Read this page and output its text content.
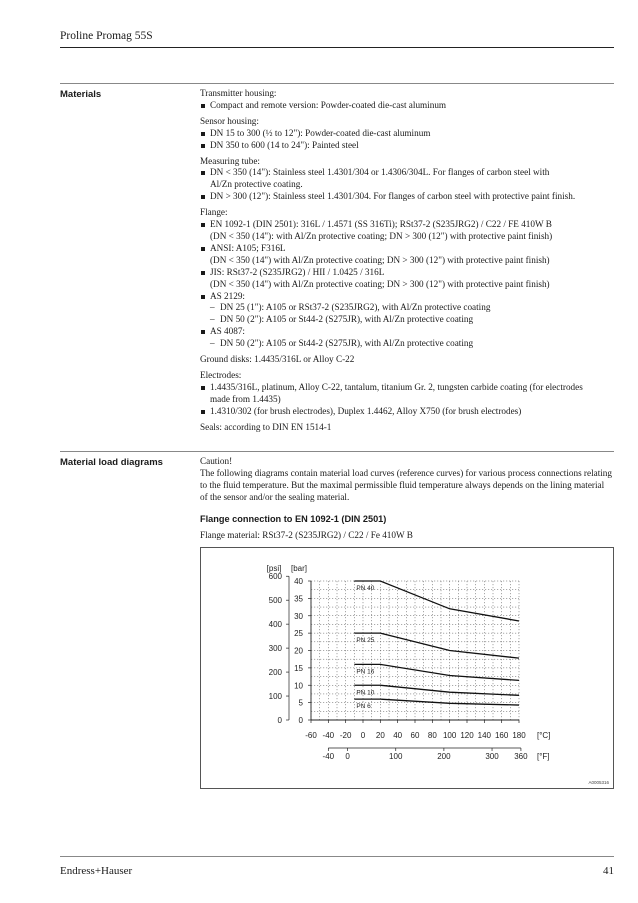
Proline Promag 55S
Materials	Transmitter housing:
Compact and remote version: Powder-coated die-cast aluminum
Sensor housing:
DN 15 to 300 (½ to 12"): Powder-coated die-cast aluminum
DN 350 to 600 (14 to 24"): Painted steel
Measuring tube:
DN < 350 (14"): Stainless steel 1.4301/304 or 1.4306/304L. For flanges of carbon steel with
Al/Zn protective coating.
DN > 300 (12"): Stainless steel 1.4301/304. For flanges of carbon steel with protective paint finish.
Flange:
EN 1092-1 (DIN 2501): 316L / 1.4571 (SS 316Ti); RSt37-2 (S235JRG2) / C22 / FE 410W B
(DN < 350 (14"): with Al/Zn protective coating; DN > 300 (12") with protective paint finish)
ANSI: A105; F316L
(DN < 350 (14") with Al/Zn protective coating; DN > 300 (12") with protective paint finish)
JIS: RSt37-2 (S235JRG2) / HII / 1.0425 / 316L
(DN < 350 (14") with Al/Zn protective coating; DN > 300 (12") with protective paint finish)
AS 2129:
– DN 25 (1"): A105 or RSt37-2 (S235JRG2), with Al/Zn protective coating
– DN 50 (2"): A105 or St44-2 (S275JR), with Al/Zn protective coating
AS 4087:
– DN 50 (2"): A105 or St44-2 (S275JR), with Al/Zn protective coating
Ground disks: 1.4435/316L or Alloy C-22
Electrodes:
1.4435/316L, platinum, Alloy C-22, tantalum, titanium Gr. 2, tungsten carbide coating (for electrodes
made from 1.4435)
1.4310/302 (for brush electrodes), Duplex 1.4462, Alloy X750 (for brush electrodes)
Seals: according to DIN EN 1514-1
Material load diagrams	Caution!
The following diagrams contain material load curves (reference curves) for various process connections relating
to the fluid temperature. But the maximal permissible fluid temperature always depends on the lining material
of the sensor and/or the sealing material.
Flange connection to EN 1092-1 (DIN 2501)
Flange material: RSt37-2 (S235JRG2) / C22 / Fe 410W B
0
5
10
15
20
25
30
35
40
0
100
200
300
400
500
600
-60 -40 -20 0 20 40 60 80 100 120 140 160 180
-40 0	100	200	300 360
[psi] [bar]
[°C]
[°F]
PN 40
PN 25
PN 16
PN 10
PN 6
A0005316
Endress+Hauser	41
